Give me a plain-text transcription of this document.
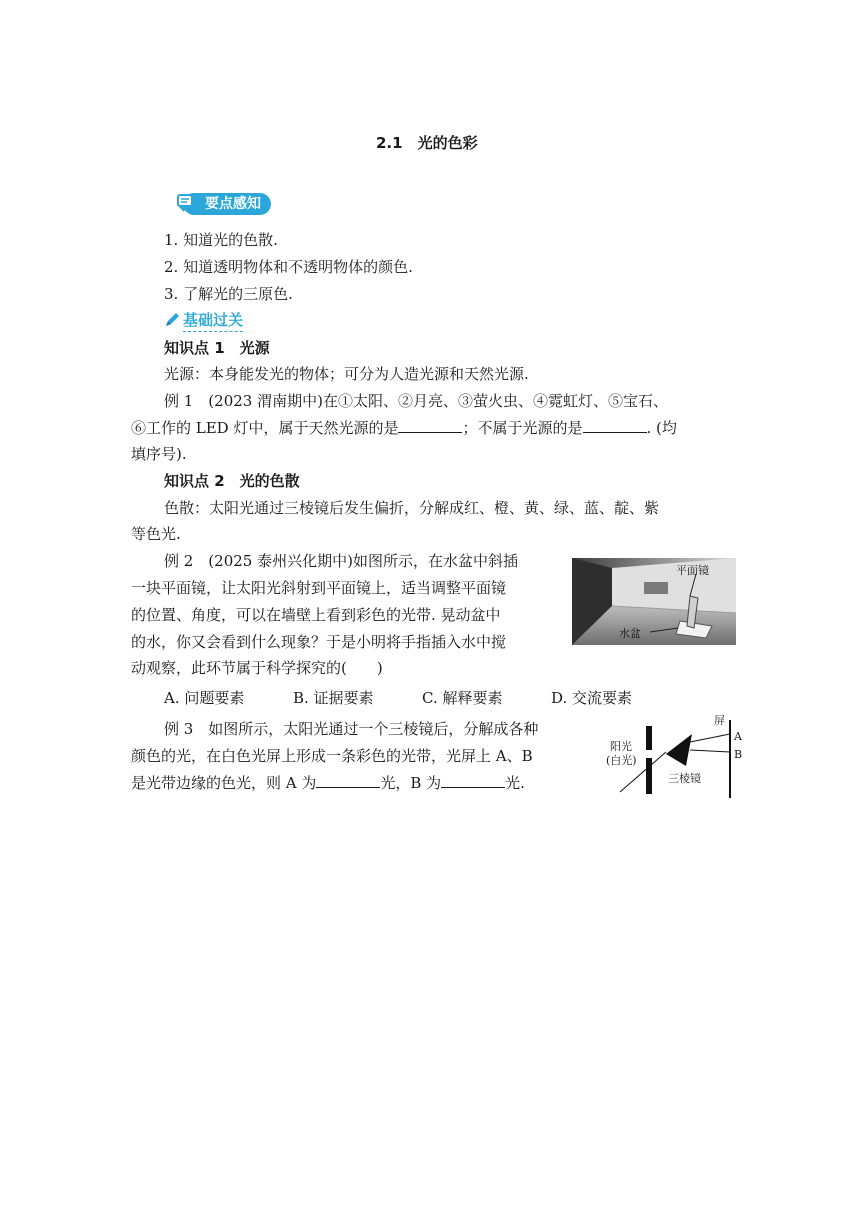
2.1　光的色彩
要点感知
1. 知道光的色散.
2. 知道透明物体和不透明物体的颜色.
3. 了解光的三原色.
基础过关
知识点 1　光源
光源：本身能发光的物体；可分为人造光源和天然光源.
例 1　(2023 渭南期中)在①太阳、②月亮、③萤火虫、④霓虹灯、⑤宝石、
⑥工作的 LED 灯中，属于天然光源的是	；不属于光源的是	. (均
填序号).
知识点 2　光的色散
色散：太阳光通过三棱镜后发生偏折，分解成红、橙、黄、绿、蓝、靛、紫
等色光.
例 2　(2025 泰州兴化期中)如图所示，在水盆中斜插
一块平面镜，让太阳光斜射到平面镜上，适当调整平面镜
的位置、角度，可以在墙壁上看到彩色的光带. 晃动盆中
的水，你又会看到什么现象？于是小明将手指插入水中搅
动观察，此环节属于科学探究的(　　)
A. 问题要素	B. 证据要素	C. 解释要素	D. 交流要素
平面镜
水盆
例 3　如图所示，太阳光通过一个三棱镜后，分解成各种
颜色的光，在白色光屏上形成一条彩色的光带，光屏上 A、B
是光带边缘的色光，则 A 为	光，B 为	光.
屏
阳光
(白光)
三棱镜
A
B
